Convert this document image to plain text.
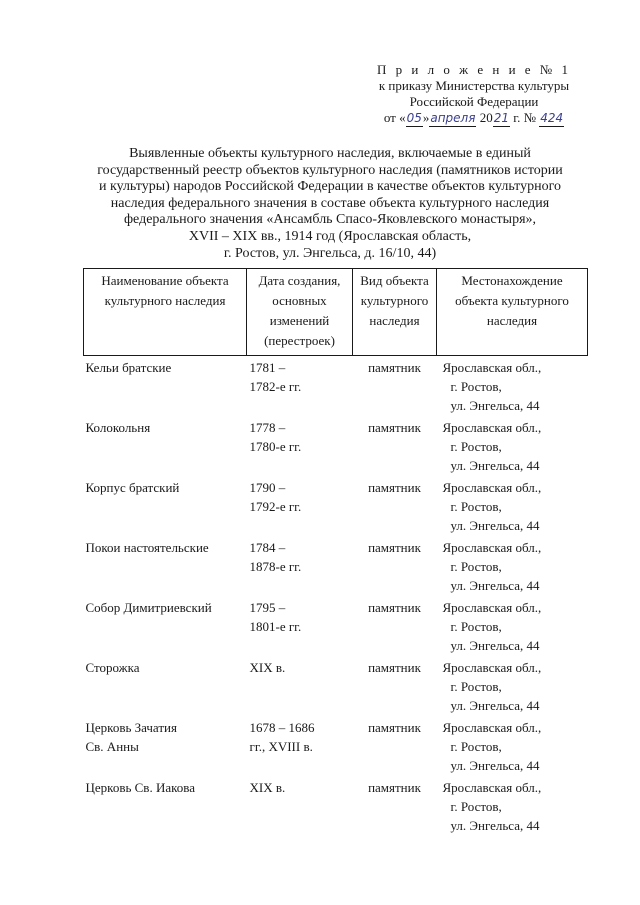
П р и л о ж е н и е № 1
к приказу Министерства культуры
Российской Федерации
от «05»апреля 2021 г. № 424
Выявленные объекты культурного наследия, включаемые в единый
государственный реестр объектов культурного наследия (памятников истории
и культуры) народов Российской Федерации в качестве объектов культурного
наследия федерального значения в составе объекта культурного наследия
федерального значения «Ансамбль Спасо-Яковлевского монастыря»,
XVII – XIX вв., 1914 год (Ярославская область,
г. Ростов, ул. Энгельса, д. 16/10, 44)
Наименование объекта культурного наследия	Дата создания, основных изменений (перестроек)	Вид объекта культурного наследия	Местонахождение объекта культурного наследия

Кельи братские	1781 –
1782-е гг.	памятник	Ярославская обл.,
г. Ростов,
ул. Энгельса, 44

Колокольня	1778 –
1780-е гг.	памятник	Ярославская обл.,
г. Ростов,
ул. Энгельса, 44

Корпус братский	1790 –
1792-е гг.	памятник	Ярославская обл.,
г. Ростов,
ул. Энгельса, 44

Покои настоятельские	1784 –
1878-е гг.	памятник	Ярославская обл.,
г. Ростов,
ул. Энгельса, 44

Собор Димитриевский	1795 –
1801-е гг.	памятник	Ярославская обл.,
г. Ростов,
ул. Энгельса, 44

Сторожка	XIX в.	памятник	Ярославская обл.,
г. Ростов,
ул. Энгельса, 44

Церковь Зачатия
Св. Анны	1678 – 1686
гг., XVIII в.	памятник	Ярославская обл.,
г. Ростов,
ул. Энгельса, 44

Церковь Св. Иакова	XIX в.	памятник	Ярославская обл.,
г. Ростов,
ул. Энгельса, 44
